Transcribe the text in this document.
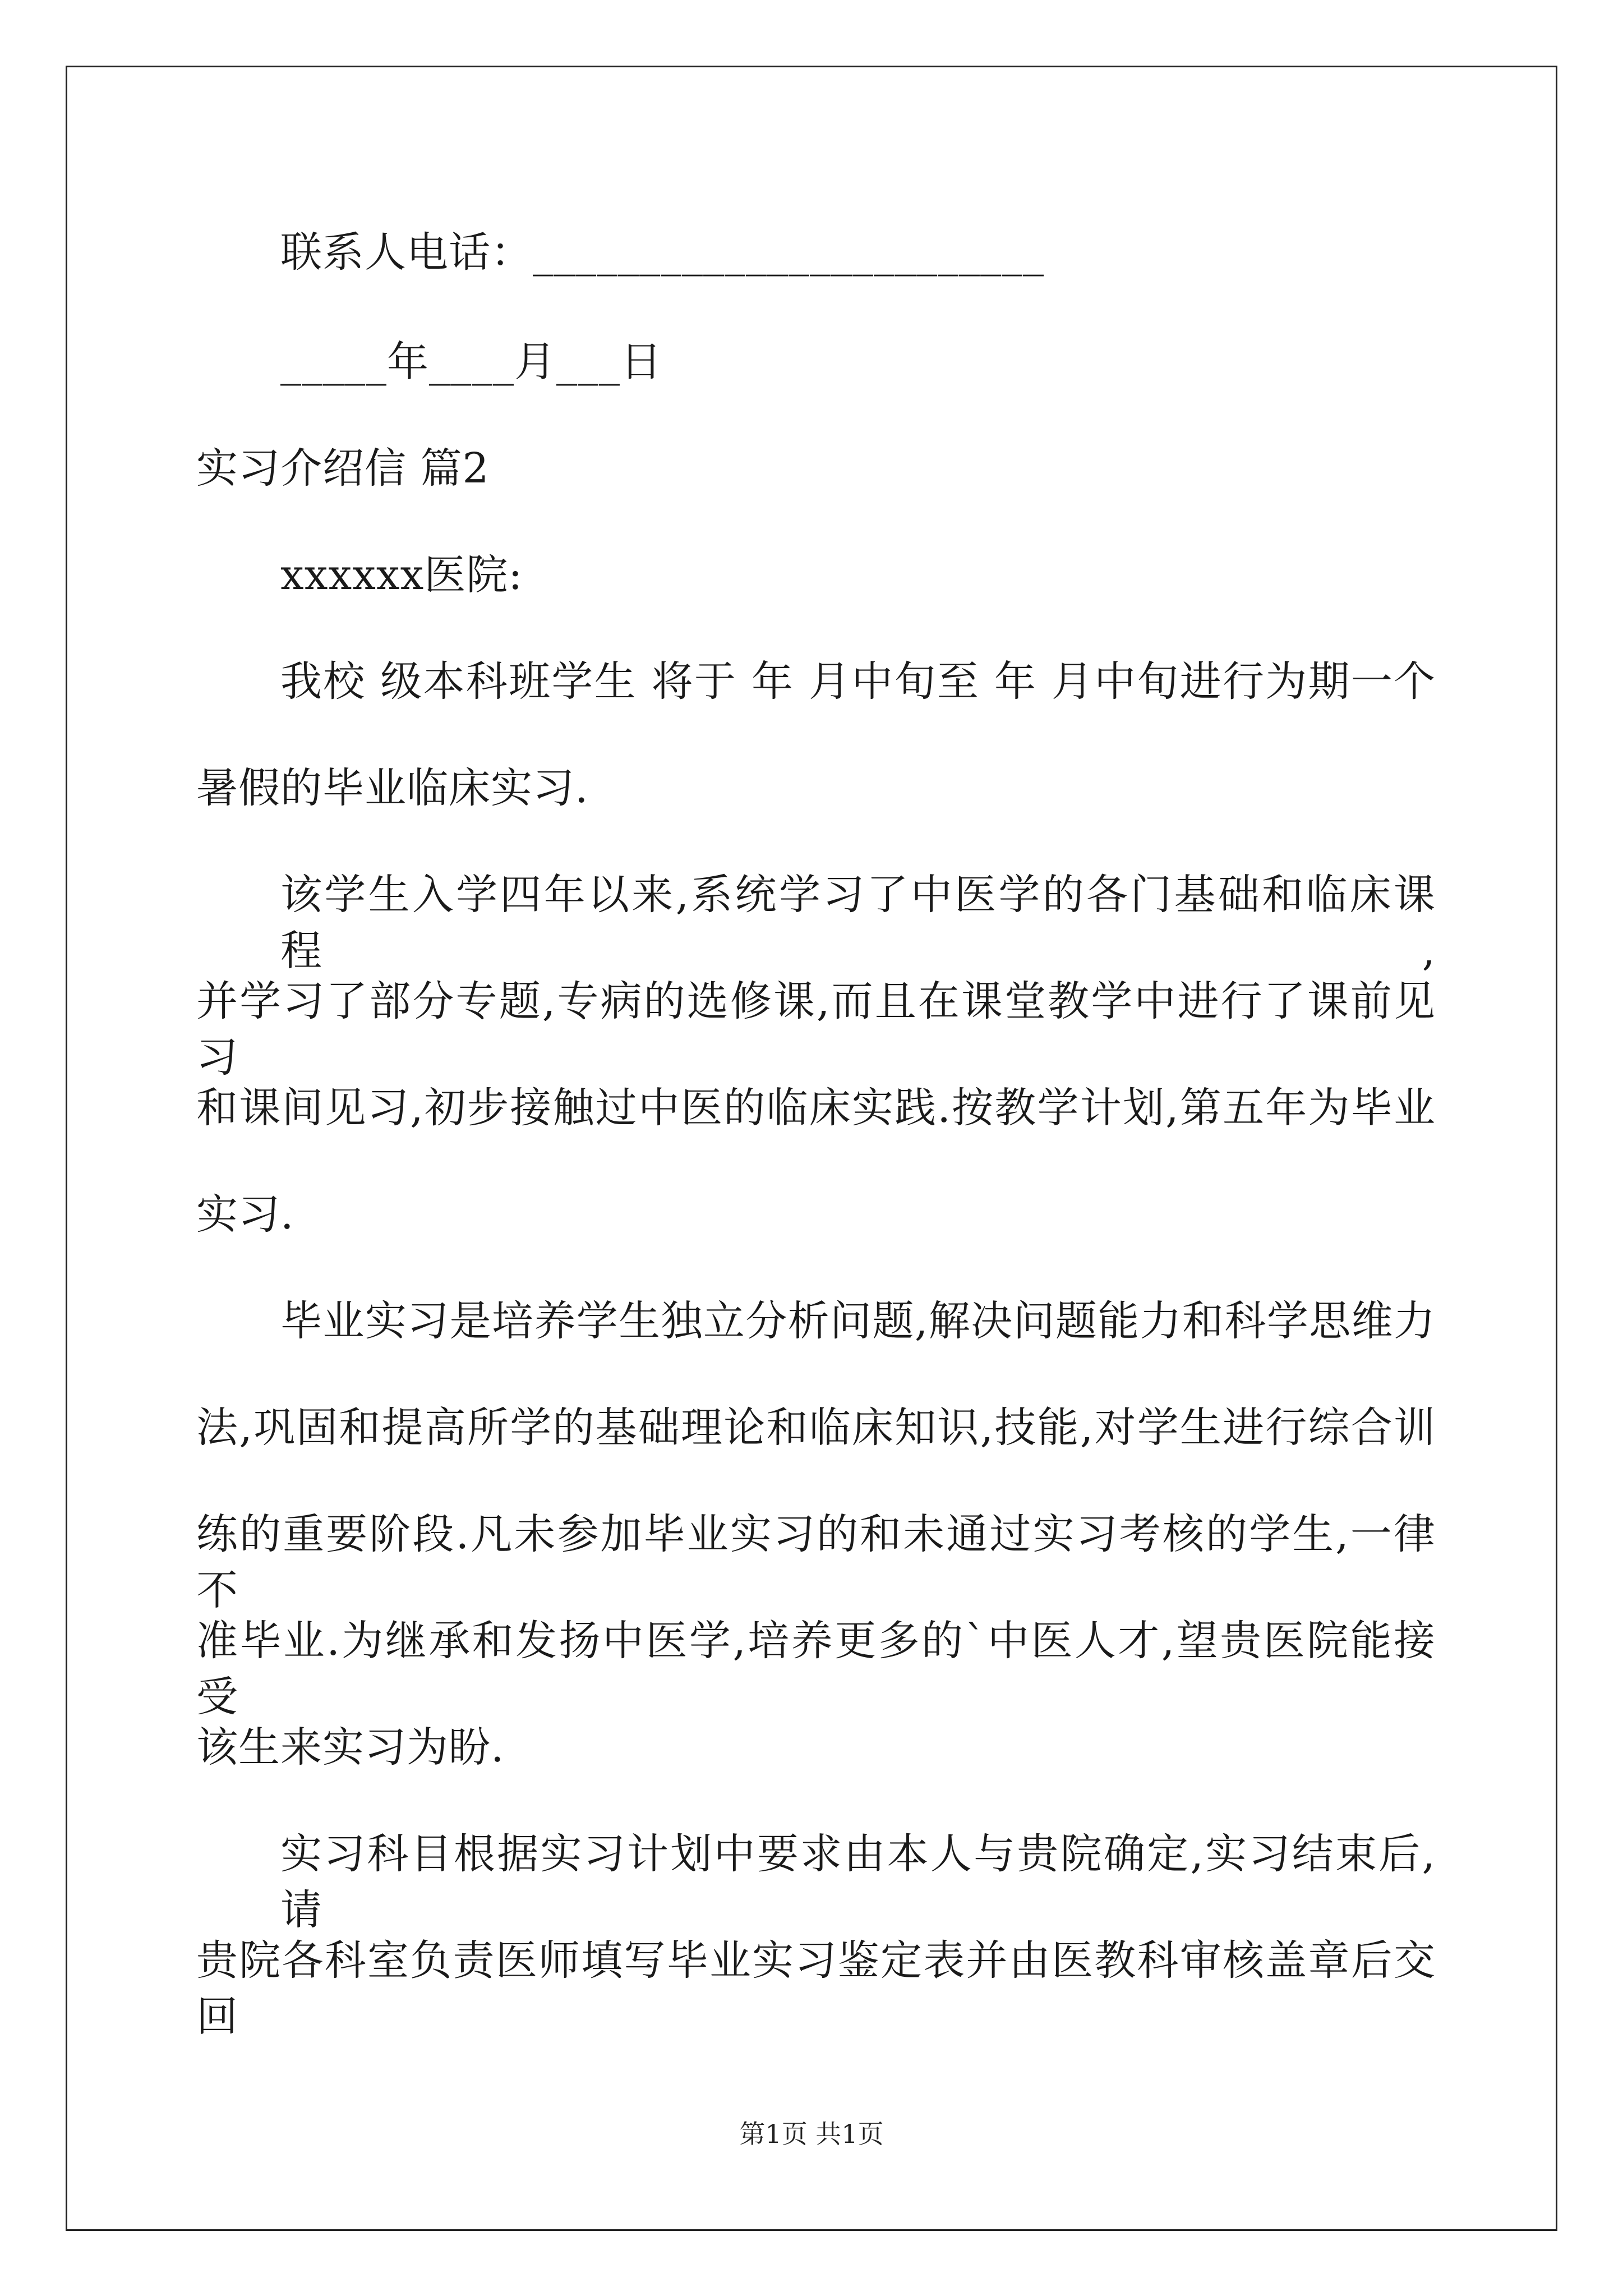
联系人电话：________________________
_____年____月___日
实习介绍信 篇2
xxxxxx医院:
我校 级本科班学生 将于 年 月中旬至 年 月中旬进行为期一个
暑假的毕业临床实习.
该学生入学四年以来,系统学习了中医学的各门基础和临床课程,
并学习了部分专题,专病的选修课,而且在课堂教学中进行了课前见习
和课间见习,初步接触过中医的临床实践.按教学计划,第五年为毕业
实习.
毕业实习是培养学生独立分析问题,解决问题能力和科学思维力
法,巩固和提高所学的基础理论和临床知识,技能,对学生进行综合训
练的重要阶段.凡未参加毕业实习的和未通过实习考核的学生,一律不
准毕业.为继承和发扬中医学,培养更多的`中医人才,望贵医院能接受
该生来实习为盼.
实习科目根据实习计划中要求由本人与贵院确定,实习结束后,请
贵院各科室负责医师填写毕业实习鉴定表并由医教科审核盖章后交回
第1页 共1页
